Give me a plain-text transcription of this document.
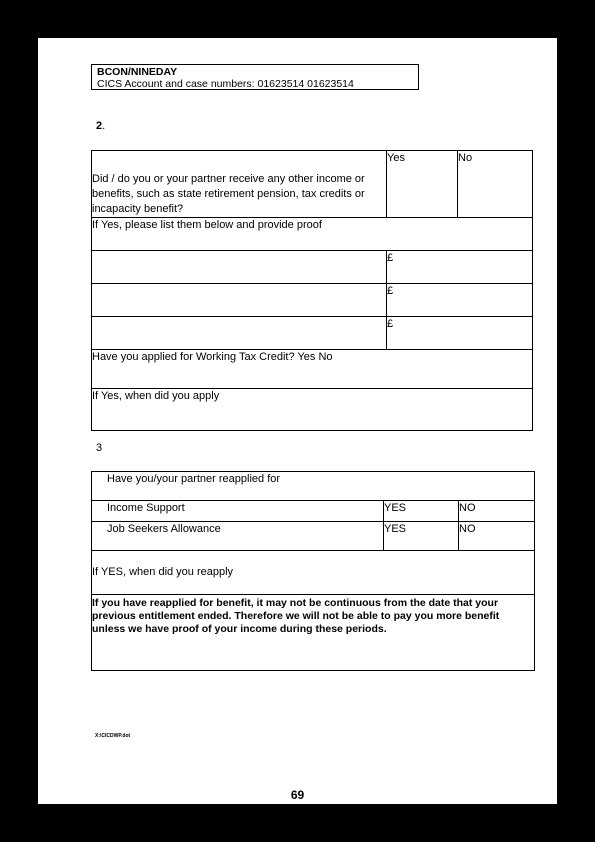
BCON/NINEDAY
CICS Account and case numbers: 01623514 01623514
2.
Did / do you or your partner receive any other income or benefits, such as state retirement pension, tax credits or incapacity benefit?	Yes	No
If Yes, please list them below and provide proof		
	£	
	£	
	£	
Have you applied for Working Tax Credit? Yes No		
If Yes, when did you apply		
3
Have you/your partner reapplied for		
Income Support	YES	NO
Job Seekers Allowance	YES	NO
If YES, when did you reapply		
If you have reapplied for benefit, it may not be continuous from the date that your previous entitlement ended. Therefore we will not be able to pay you more benefit unless we have proof of your income during these periods.		
X:\CICDWP.dot
69
